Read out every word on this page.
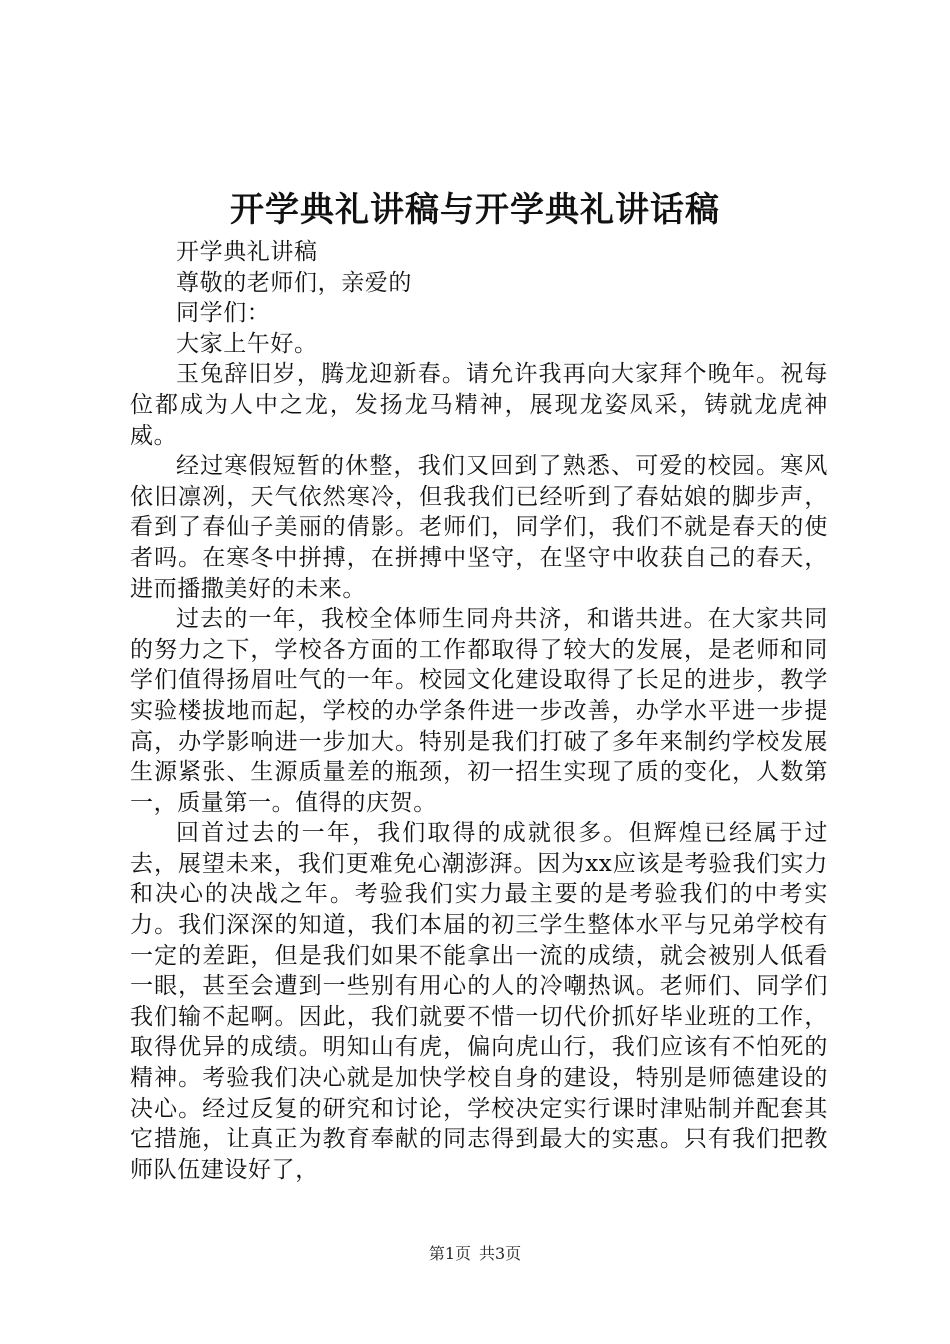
开学典礼讲稿与开学典礼讲话稿

开学典礼讲稿

尊敬的老师们，亲爱的

同学们：

大家上午好。

玉兔辞旧岁，腾龙迎新春。请允许我再向大家拜个晚年。祝每位都成为人中之龙，发扬龙马精神，展现龙姿凤采，铸就龙虎神威。

经过寒假短暂的休整，我们又回到了熟悉、可爱的校园。寒风依旧凛冽，天气依然寒冷，但我我们已经听到了春姑娘的脚步声，看到了春仙子美丽的倩影。老师们，同学们，我们不就是春天的使者吗。在寒冬中拼搏，在拼搏中坚守，在坚守中收获自己的春天，进而播撒美好的未来。

过去的一年，我校全体师生同舟共济，和谐共进。在大家共同的努力之下，学校各方面的工作都取得了较大的发展，是老师和同学们值得扬眉吐气的一年。校园文化建设取得了长足的进步，教学实验楼拔地而起，学校的办学条件进一步改善，办学水平进一步提高，办学影响进一步加大。特别是我们打破了多年来制约学校发展生源紧张、生源质量差的瓶颈，初一招生实现了质的变化，人数第一，质量第一。值得的庆贺。

回首过去的一年，我们取得的成就很多。但辉煌已经属于过去，展望未来，我们更难免心潮澎湃。因为xx应该是考验我们实力和决心的决战之年。考验我们实力最主要的是考验我们的中考实力。我们深深的知道，我们本届的初三学生整体水平与兄弟学校有一定的差距，但是我们如果不能拿出一流的成绩，就会被别人低看一眼，甚至会遭到一些别有用心的人的冷嘲热讽。老师们、同学们我们输不起啊。因此，我们就要不惜一切代价抓好毕业班的工作，取得优异的成绩。明知山有虎，偏向虎山行，我们应该有不怕死的精神。考验我们决心就是加快学校自身的建设，特别是师德建设的决心。经过反复的研究和讨论，学校决定实行课时津贴制并配套其它措施，让真正为教育奉献的同志得到最大的实惠。只有我们把教师队伍建设好了，

第1页 共3页
